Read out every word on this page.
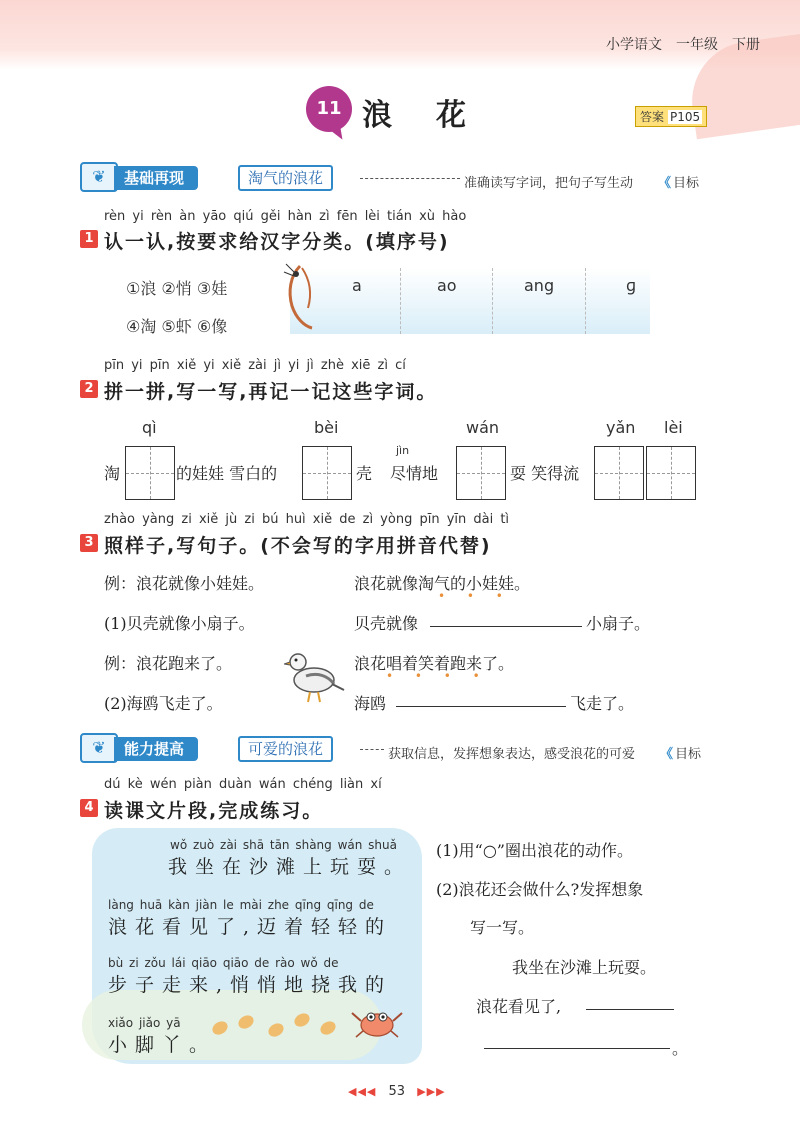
小学语文　一年级　下册
11 浪花	答案 P105
❦	基础再现	淘气的浪花	准确读写字词，把句子写生动 《 目标
rèn yi rèn àn yāo qiú gěi hàn zì fēn lèi tián xù hào
1 认一认,按要求给汉字分类。(填序号)
①浪 ②悄 ③娃
④淘 ⑤虾 ⑥像
a	ao	ang	ɡ
pīn yi pīn xiě yi xiě zài jì yi jì zhè xiē zì cí
2 拼一拼,写一写,再记一记这些字词。
qì	bèi	wán	yǎn lèi
jìn
淘	的娃娃 雪白的	壳 尽情地	耍 笑得流
zhào yàng zi xiě jù zi bú huì xiě de zì yòng pīn yīn dài tì
3 照样子,写句子。(不会写的字用拼音代替)
例：浪花就像小娃娃。	浪花就像淘气的小娃娃。
• • •
(1)贝壳就像小扇子。	贝壳就像	小扇子。
例：浪花跑来了。	浪花唱着笑着跑来了。
• • • •
(2)海鸥飞走了。	海鸥	飞走了。
❦	能力提高	可爱的浪花	获取信息，发挥想象表达，感受浪花的可爱 《 目标
dú kè wén piàn duàn wán chéng liàn xí
4 读课文片段,完成练习。
wǒ zuò zài shā tān shàng wán shuǎ
我坐在沙滩上玩耍。
làng huā kàn jiàn le mài zhe qīng qīng de
浪花看见了,迈着轻轻的
bù zi zǒu lái qiāo qiāo de rào wǒ de
步子走来,悄悄地挠我的
xiǎo jiǎo yā
小脚丫。
(1)用“○”圈出浪花的动作。
(2)浪花还会做什么?发挥想象
写一写。
我坐在沙滩上玩耍。
浪花看见了,
。
◀◀◀ 53 ▶▶▶
